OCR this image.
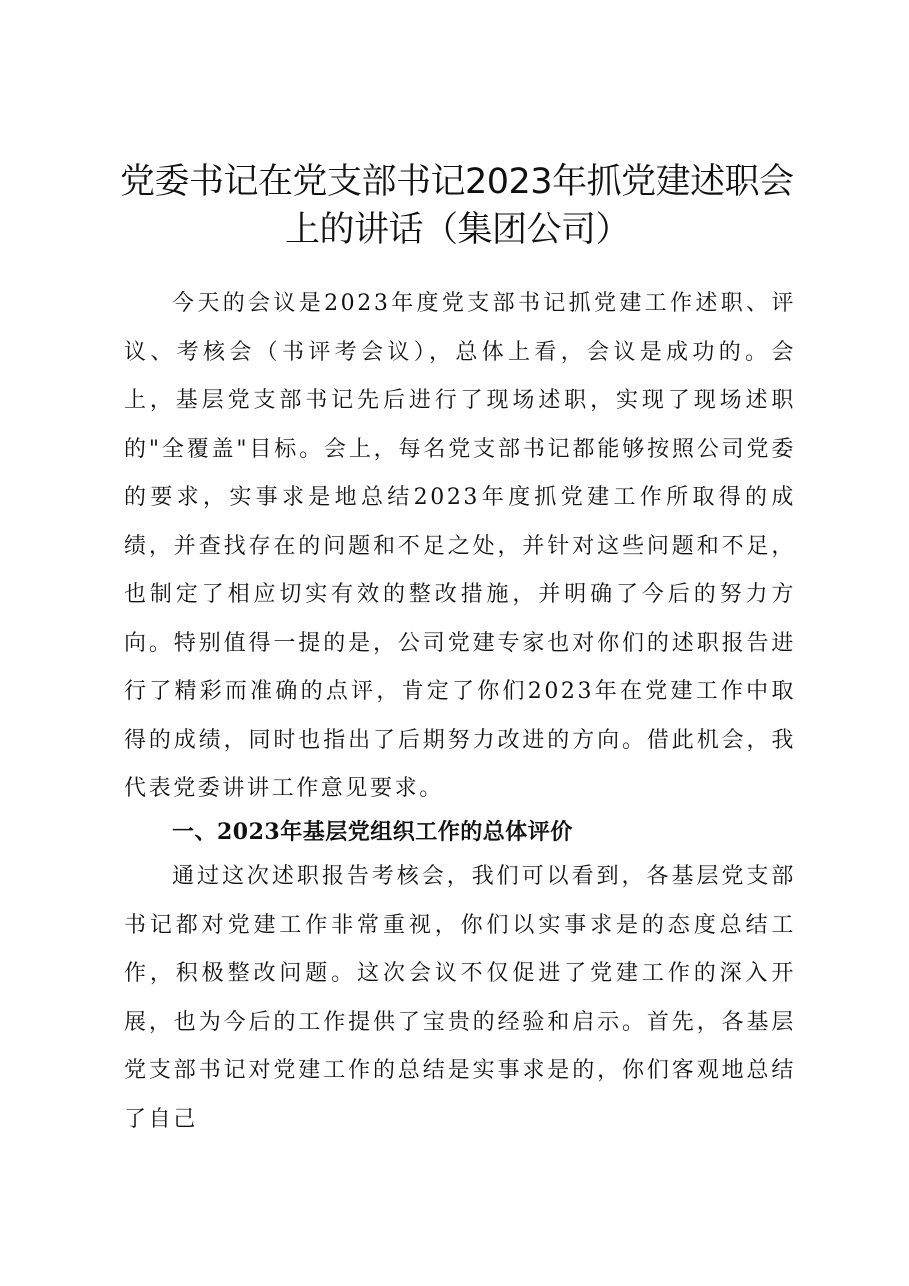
党委书记在党支部书记2023年抓党建述职会
上的讲话（集团公司）

今天的会议是2023年度党支部书记抓党建工作述职、评议、考核会（书评考会议），总体上看，会议是成功的。会上，基层党支部书记先后进行了现场述职，实现了现场述职的"全覆盖"目标。会上，每名党支部书记都能够按照公司党委的要求，实事求是地总结2023年度抓党建工作所取得的成绩，并查找存在的问题和不足之处，并针对这些问题和不足，也制定了相应切实有效的整改措施，并明确了今后的努力方向。特别值得一提的是，公司党建专家也对你们的述职报告进行了精彩而准确的点评，肯定了你们2023年在党建工作中取得的成绩，同时也指出了后期努力改进的方向。借此机会，我代表党委讲讲工作意见要求。

一、2023年基层党组织工作的总体评价

通过这次述职报告考核会，我们可以看到，各基层党支部书记都对党建工作非常重视，你们以实事求是的态度总结工作，积极整改问题。这次会议不仅促进了党建工作的深入开展，也为今后的工作提供了宝贵的经验和启示。首先，各基层党支部书记对党建工作的总结是实事求是的，你们客观地总结了自己
